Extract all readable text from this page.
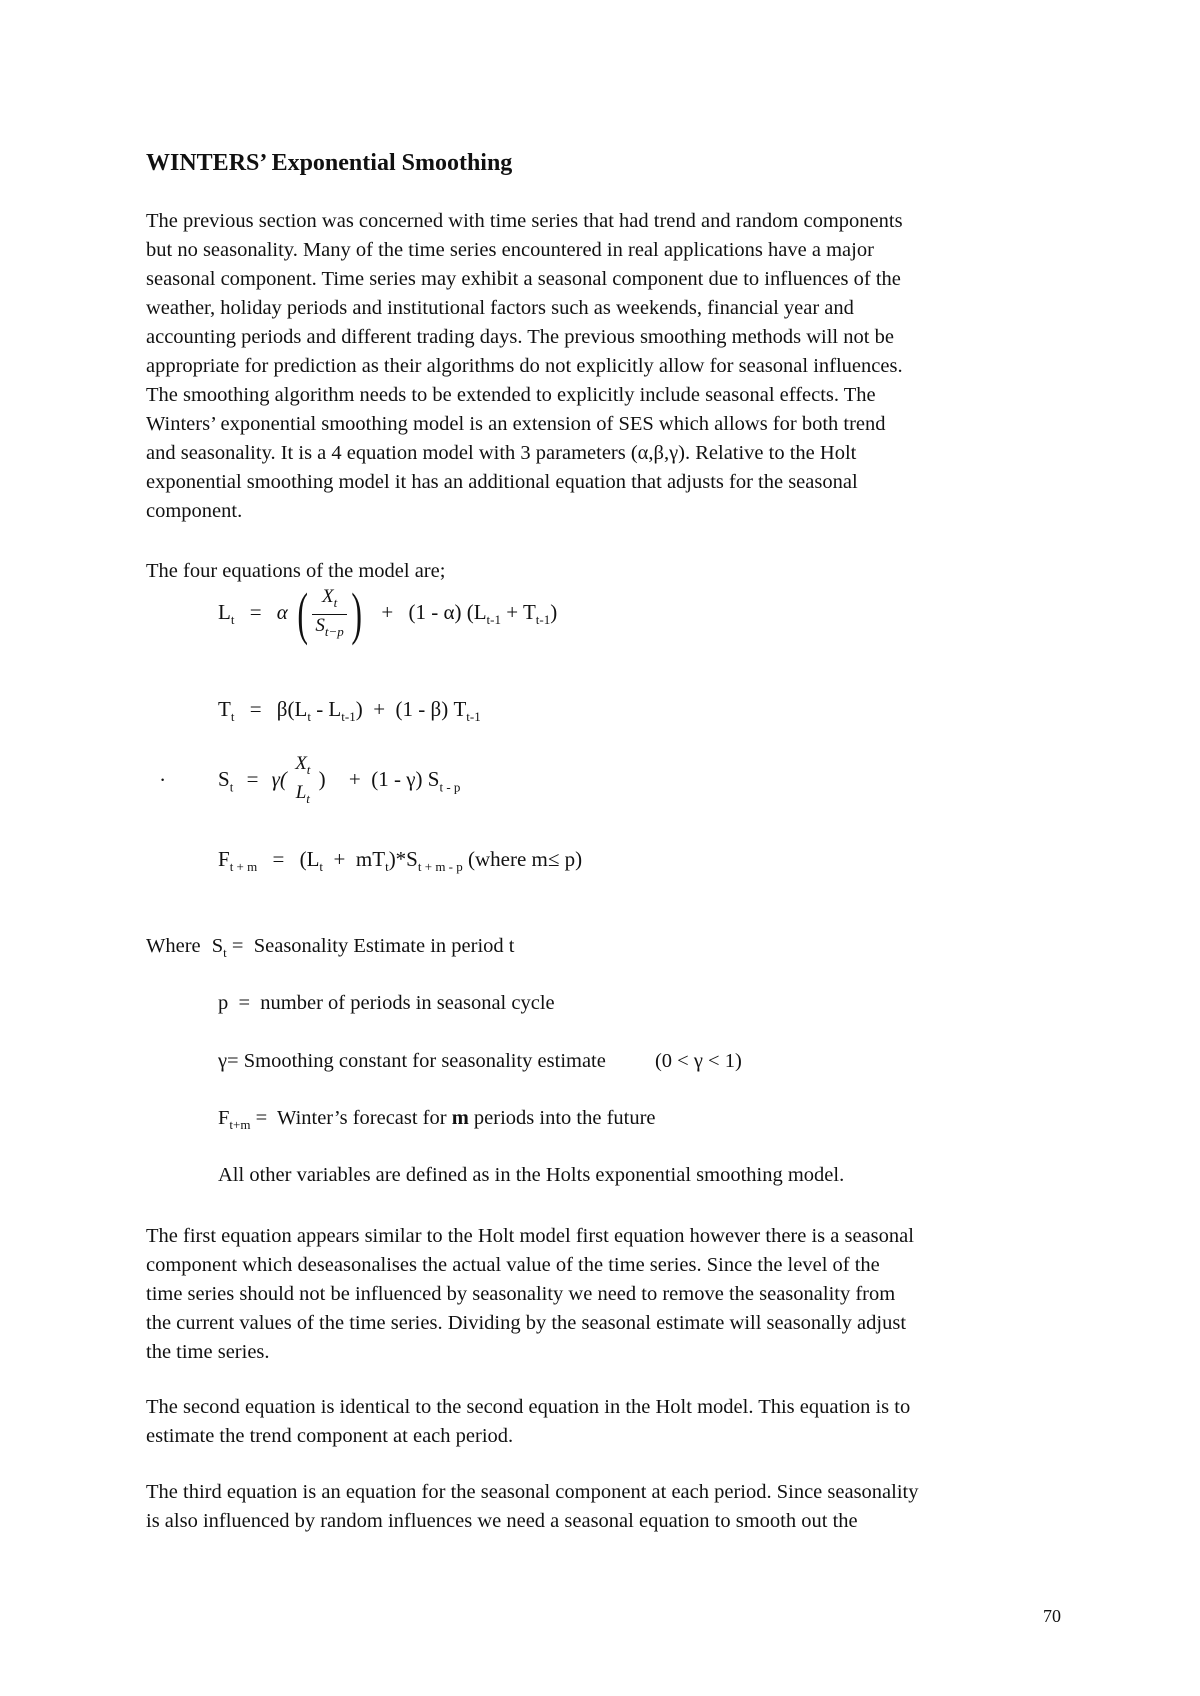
WINTERS’ Exponential Smoothing
The previous section was concerned with time series that had trend and random components
but no seasonality. Many of the time series encountered in real applications have a major
seasonal component. Time series may exhibit a seasonal component due to influences of the
weather, holiday periods and institutional factors such as weekends, financial year and
accounting periods and different trading days. The previous smoothing methods will not be
appropriate for prediction as their algorithms do not explicitly allow for seasonal influences.
The smoothing algorithm needs to be extended to explicitly include seasonal effects. The
Winters’ exponential smoothing model is an extension of SES which allows for both trend
and seasonality. It is a 4 equation model with 3 parameters (α,β,γ). Relative to the Holt
exponential smoothing model it has an additional equation that adjusts for the seasonal
component.
The four equations of the model are;
$L_t = \alpha$ ( $\frac{X_t}{S_{t-p}}$ ) + (1 - α) $(L_{t-1} + T_{t-1})$
$T_t = \beta(L_t - L_{t-1}) + (1 - \beta)$ $T_{t-1}$
.	$S_t = \gamma( \frac{X_t}{L_t}$ ) +  (1 - γ) $S_{t - p}$
$F_{t + m} = (L_t + mT_t)*S_{t + m - p}$ (where m≤ p)
Where $S_t$ =  Seasonality Estimate in period t
p  =  number of periods in seasonal cycle
γ= Smoothing constant for seasonality estimate (0 < γ < 1)
$F_{t+m}$ =  Winter’s forecast for m periods into the future
All other variables are defined as in the Holts exponential smoothing model.
The first equation appears similar to the Holt model first equation however there is a seasonal
component which deseasonalises the actual value of the time series. Since the level of the
time series should not be influenced by seasonality we need to remove the seasonality from
the current values of the time series. Dividing by the seasonal estimate will seasonally adjust
the time series.
The second equation is identical to the second equation in the Holt model. This equation is to
estimate the trend component at each period.
The third equation is an equation for the seasonal component at each period. Since seasonality
is also influenced by random influences we need a seasonal equation to smooth out the
70
